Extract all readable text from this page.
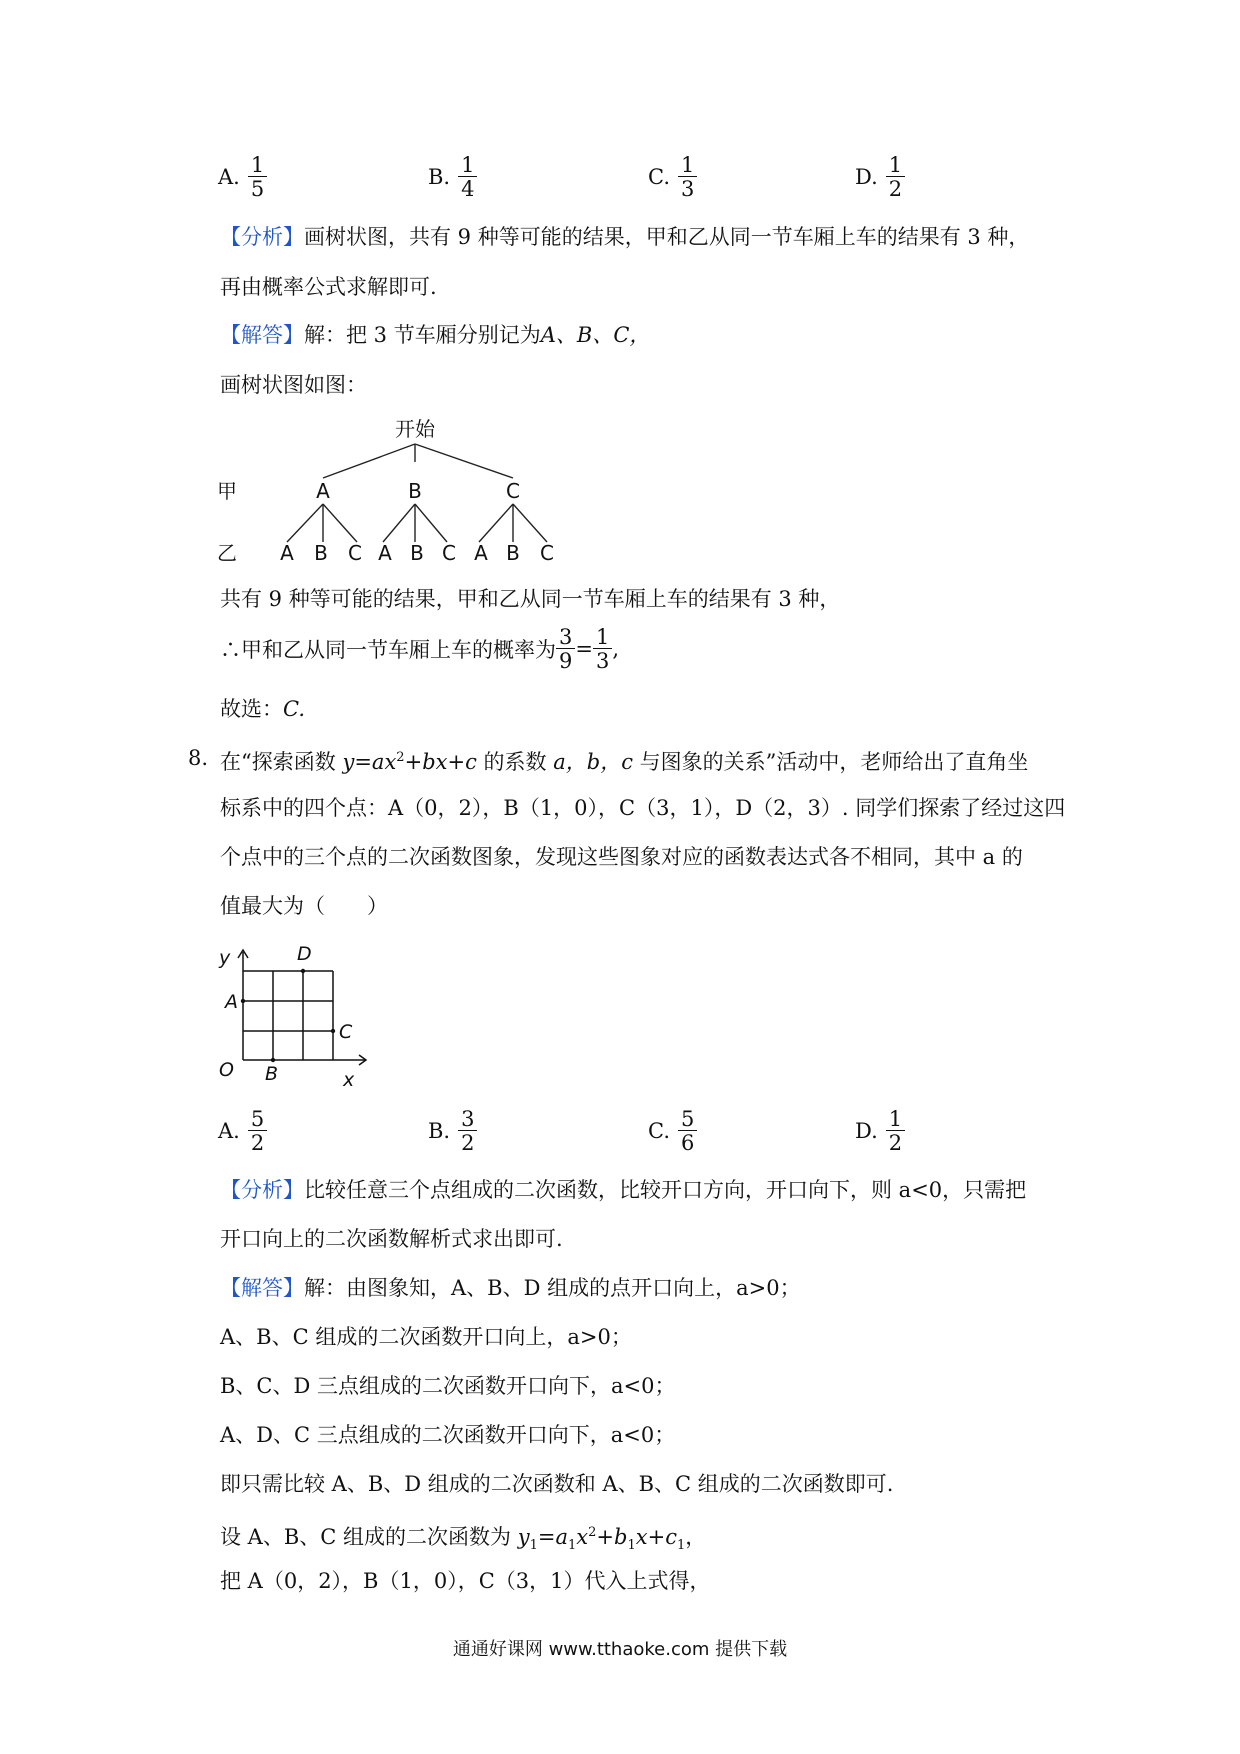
A. $\frac{1}{5}$	B. $\frac{1}{4}$	C. $\frac{1}{3}$	D. $\frac{1}{2}$
【分析】画树状图，共有 9 种等可能的结果，甲和乙从同一节车厢上车的结果有 3 种，
再由概率公式求解即可.
【解答】解：把 3 节车厢分别记为A、B、C，
画树状图如图：
开始
甲
乙
A	B	C
A B C A B C A B C
共有 9 种等可能的结果，甲和乙从同一节车厢上车的结果有 3 种，
∴甲和乙从同一节车厢上车的概率为 $\frac{3}{9} = \frac{1}{3}$ ,
故选：C.
8. 在“探索函数 $y=ax^2+bx+c$ 的系数 a，b，c 与图象的关系”活动中，老师给出了直角坐
标系中的四个点：A（0，2），B（1，0），C（3，1），D（2，3）. 同学们探索了经过这四
个点中的三个点的二次函数图象，发现这些图象对应的函数表达式各不相同，其中 a 的
值最大为（　　）
y
x
O
A
B
C
D
A. $\frac{5}{2}$	B. $\frac{3}{2}$	C. $\frac{5}{6}$	D. $\frac{1}{2}$
【分析】比较任意三个点组成的二次函数，比较开口方向，开口向下，则 a<0，只需把
开口向上的二次函数解析式求出即可.
【解答】解：由图象知，A、B、D 组成的点开口向上，a>0；
A、B、C 组成的二次函数开口向上，a>0；
B、C、D 三点组成的二次函数开口向下，a<0；
A、D、C 三点组成的二次函数开口向下，a<0；
即只需比较 A、B、D 组成的二次函数和 A、B、C 组成的二次函数即可.
设 A、B、C 组成的二次函数为 $y_1=a_1x^2+b_1x+c_1$，
把 A（0，2），B（1，0），C（3，1）代入上式得，
通通好课网 www.tthaoke.com 提供下载
